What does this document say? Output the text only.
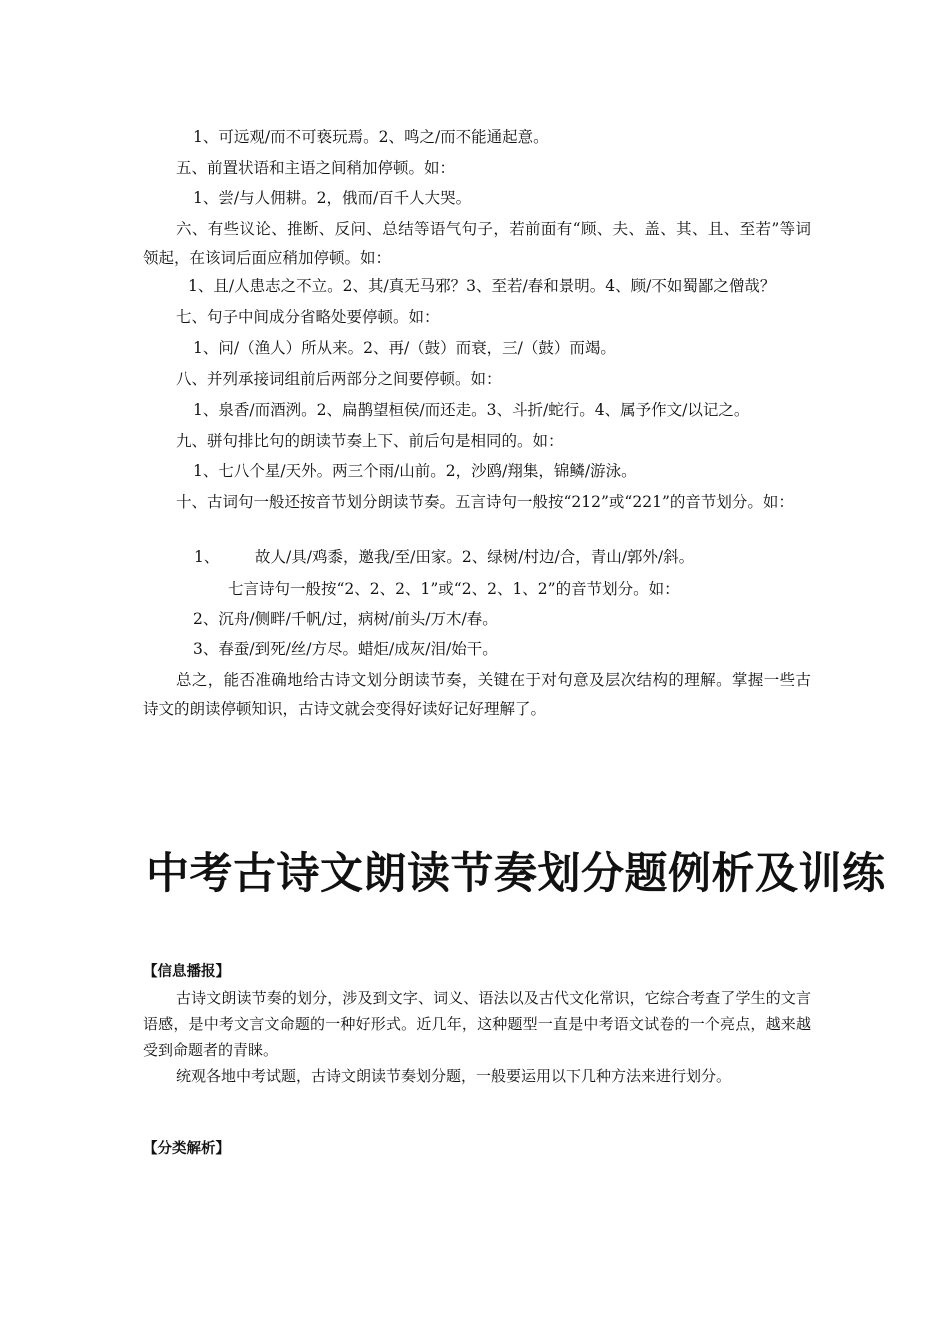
1、可远观/而不可亵玩焉。2、鸣之/而不能通起意。
五、前置状语和主语之间稍加停顿。如：
1、尝/与人佣耕。2，俄而/百千人大哭。
六、有些议论、推断、反问、总结等语气句子，若前面有“顾、夫、盖、其、且、至若”等词领起，在该词后面应稍加停顿。如：
1、且/人患志之不立。2、其/真无马邪？3、至若/春和景明。4、顾/不如蜀鄙之僧哉？
七、句子中间成分省略处要停顿。如：
1、问/（渔人）所从来。2、再/（鼓）而衰，三/（鼓）而竭。
八、并列承接词组前后两部分之间要停顿。如：
1、泉香/而酒洌。2、扁鹊望桓侯/而还走。3、斗折/蛇行。4、属予作文/以记之。
九、骈句排比句的朗读节奏上下、前后句是相同的。如：
1、七八个星/天外。两三个雨/山前。2，沙鸥/翔集，锦鳞/游泳。
十、古词句一般还按音节划分朗读节奏。五言诗句一般按“212”或“221”的音节划分。如：
1、 故人/具/鸡黍，邀我/至/田家。2、绿树/村边/合，青山/郭外/斜。
七言诗句一般按“2、2、2、1”或“2、2、1、2”的音节划分。如：
2、沉舟/侧畔/千帆/过，病树/前头/万木/春。
3、春蚕/到死/丝/方尽。蜡炬/成灰/泪/始干。
总之，能否准确地给古诗文划分朗读节奏，关键在于对句意及层次结构的理解。掌握一些古诗文的朗读停顿知识，古诗文就会变得好读好记好理解了。
中考古诗文朗读节奏划分题例析及训练
【信息播报】
古诗文朗读节奏的划分，涉及到文字、词义、语法以及古代文化常识，它综合考查了学生的文言语感，是中考文言文命题的一种好形式。近几年，这种题型一直是中考语文试卷的一个亮点，越来越受到命题者的青睐。
统观各地中考试题，古诗文朗读节奏划分题，一般要运用以下几种方法来进行划分。
【分类解析】
